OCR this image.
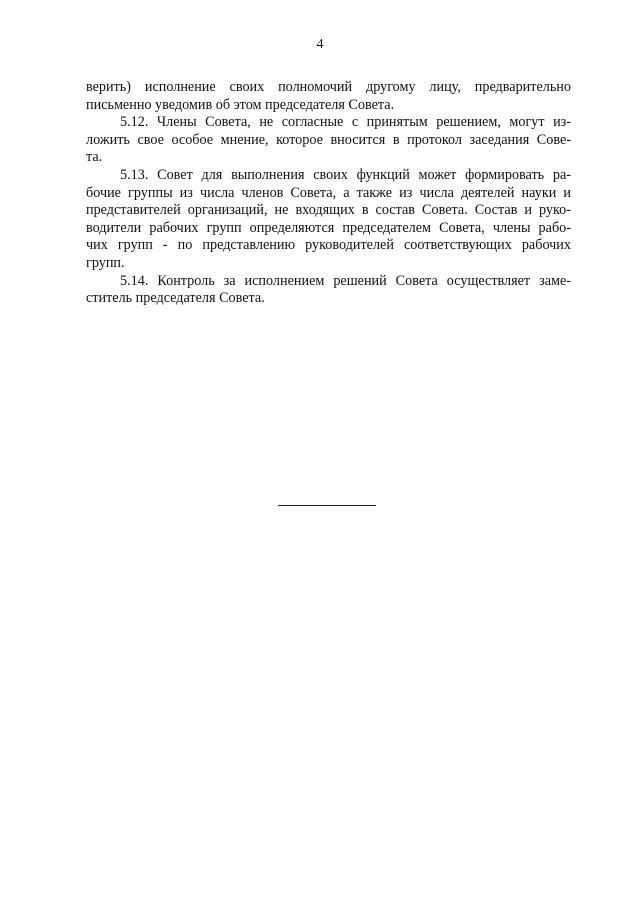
4
верить) исполнение своих полномочий другому лицу, предварительно
письменно уведомив об этом председателя Совета.
5.12. Члены Совета, не согласные с принятым решением, могут из-
ложить свое особое мнение, которое вносится в протокол заседания Сове-
та.
5.13. Совет для выполнения своих функций может формировать ра-
бочие группы из числа членов Совета, а также из числа деятелей науки и
представителей организаций, не входящих в состав Совета. Состав и руко-
водители рабочих групп определяются председателем Совета, члены рабо-
чих групп - по представлению руководителей соответствующих рабочих
групп.
5.14. Контроль за исполнением решений Совета осуществляет заме-
ститель председателя Совета.
